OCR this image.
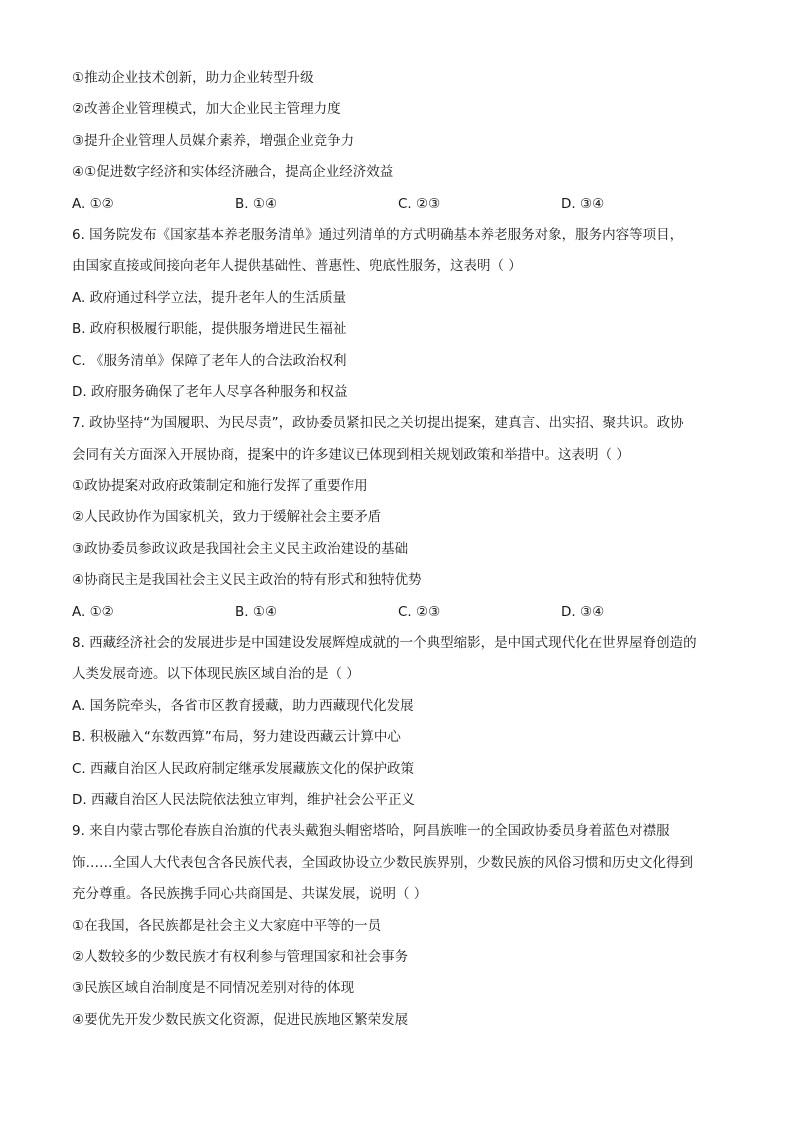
①推动企业技术创新，助力企业转型升级
②改善企业管理模式，加大企业民主管理力度
③提升企业管理人员媒介素养，增强企业竞争力
④①促进数字经济和实体经济融合，提高企业经济效益
A. ①②	B. ①④	C. ②③	D. ③④
6. 国务院发布《国家基本养老服务清单》通过列清单的方式明确基本养老服务对象，服务内容等项目，
由国家直接或间接向老年人提供基础性、普惠性、兜底性服务，这表明（ ）
A. 政府通过科学立法，提升老年人的生活质量
B. 政府积极履行职能，提供服务增进民生福祉
C. 《服务清单》保障了老年人的合法政治权利
D. 政府服务确保了老年人尽享各种服务和权益
7. 政协坚持“为国履职、为民尽责”，政协委员紧扣民之关切提出提案，建真言、出实招、聚共识。政协
会同有关方面深入开展协商，提案中的许多建议已体现到相关规划政策和举措中。这表明（ ）
①政协提案对政府政策制定和施行发挥了重要作用
②人民政协作为国家机关，致力于缓解社会主要矛盾
③政协委员参政议政是我国社会主义民主政治建设的基础
④协商民主是我国社会主义民主政治的特有形式和独特优势
A. ①②	B. ①④	C. ②③	D. ③④
8. 西藏经济社会的发展进步是中国建设发展辉煌成就的一个典型缩影，是中国式现代化在世界屋脊创造的
人类发展奇迹。以下体现民族区域自治的是（ ）
A. 国务院牵头，各省市区教育援藏，助力西藏现代化发展
B. 积极融入“东数西算”布局，努力建设西藏云计算中心
C. 西藏自治区人民政府制定继承发展藏族文化的保护政策
D. 西藏自治区人民法院依法独立审判，维护社会公平正义
9. 来自内蒙古鄂伦春族自治旗的代表头戴狍头帽密塔哈，阿昌族唯一的全国政协委员身着蓝色对襟服
饰……全国人大代表包含各民族代表，全国政协设立少数民族界别，少数民族的风俗习惯和历史文化得到
充分尊重。各民族携手同心共商国是、共谋发展，说明（ ）
①在我国，各民族都是社会主义大家庭中平等的一员
②人数较多的少数民族才有权利参与管理国家和社会事务
③民族区域自治制度是不同情况差别对待的体现
④要优先开发少数民族文化资源，促进民族地区繁荣发展
